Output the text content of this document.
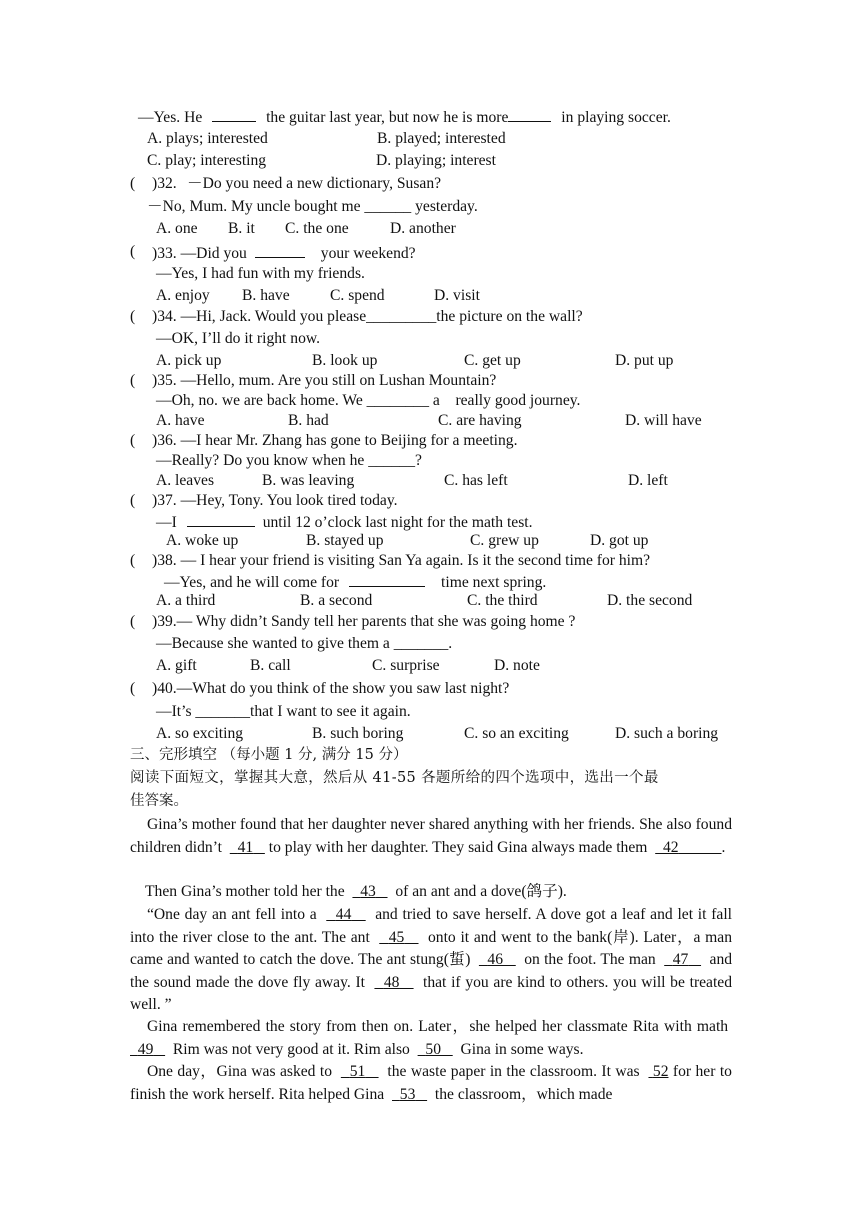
—Yes. He	the guitar last year, but now he is more	in playing soccer.
A. plays; interested	B. played; interested
C. play; interesting	D. playing; interest
( )32. －Do you need a new dictionary, Susan?
－No, Mum. My uncle bought me ______ yesterday.
A. one B. it C. the one	D. another
( )33. —Did you	your weekend?
—Yes, I had fun with my friends.
A. enjoy B. have	C. spend	D. visit
( )34. —Hi, Jack. Would you please_________the picture on the wall?
—OK, I’ll do it right now.
A. pick up	B. look up	C. get up	D. put up
( )35. —Hello, mum. Are you still on Lushan Mountain?
—Oh, no. we are back home. We ________ a really good journey.
A. have	B. had	C. are having	D. will have
( )36. —I hear Mr. Zhang has gone to Beijing for a meeting.
—Really? Do you know when he ______?
A. leaves	B. was leaving	C. has left	D. left
( )37. —Hey, Tony. You look tired today.
—I	until 12 o’clock last night for the math test.
A. woke up	B. stayed up	C. grew up	D. got up
( )38. — I hear your friend is visiting San Ya again. Is it the second time for him?
—Yes, and he will come for	time next spring.
A. a third	B. a second	C. the third	D. the second
( )39.— Why didn’t Sandy tell her parents that she was going home ?
—Because she wanted to give them a _______.
A. gift	B. call	C. surprise	D. note
( )40.—What do you think of the show you saw last night?
—It’s _______that I want to see it again.
A. so exciting	B. such boring	C. so an exciting	D. such a boring
三、完形填空 （每小题 1 分, 满分 15 分）
阅读下面短文，掌握其大意，然后从 41-55 各题所给的四个选项中，选出一个最
佳答案。
Gina’s mother found that her daughter never shared anything with her friends. She also found children didn’t 41 to play with her daughter. They said Gina always made them 42	.
Then Gina’s mother told her the 43 of an ant and a dove(鸽子).
“One day an ant fell into a 44 and tried to save herself. A dove got a leaf and let it fall into the river close to the ant. The ant 45 onto it and went to the bank(岸). Later，a man came and wanted to catch the dove. The ant stung(蜇) 46 on the foot. The man 47 and the sound made the dove fly away. It 48 that if you are kind to others. you will be treated well. ”
Gina remembered the story from then on. Later，she helped her classmate Rita with math    49 Rim was not very good at it. Rim also 50 Gina in some ways.
One day，Gina was asked to 51 the waste paper in the classroom. It was 52 for her to finish the work herself. Rita helped Gina 53 the classroom，which made
